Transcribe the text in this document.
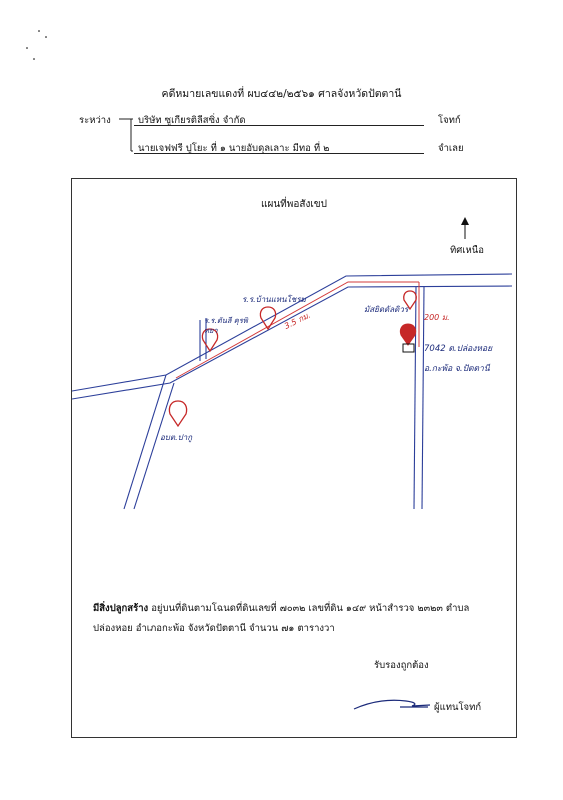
คดีหมายเลขแดงที่ ผบ๔๔๒/๒๕๖๑ ศาลจังหวัดปัตตานี
ระหว่าง	บริษัท ซูเกียรติลีสซิ่ง จำกัด	โจทก์
นายเจฟฟรี ปูโยะ ที่ ๑ นายอับดุลเลาะ มีทอ ที่ ๒	จำเลย
แผนที่พอสังเขป
ทิศเหนือ
ร.ร.บ้านแหนโชรม
ร.ร.ตันลี คุรพิทยา
อบต.ปากู
มัสยิดดัลดิวร
200 ม.
3.5 กม.
7042 ต.ปล่องหอย
อ.กะพ้อ จ.ปัตตานี
มีสิ่งปลูกสร้าง อยู่บนที่ดินตามโฉนดที่ดินเลขที่ ๗๐๓๒ เลขที่ดิน ๑๔๙ หน้าสำรวจ ๒๓๒๓ ตำบล
ปล่องหอย อำเภอกะพ้อ จังหวัดปัตตานี จำนวน ๗๑ ตารางวา
รับรองถูกต้อง
ผู้แทนโจทก์
